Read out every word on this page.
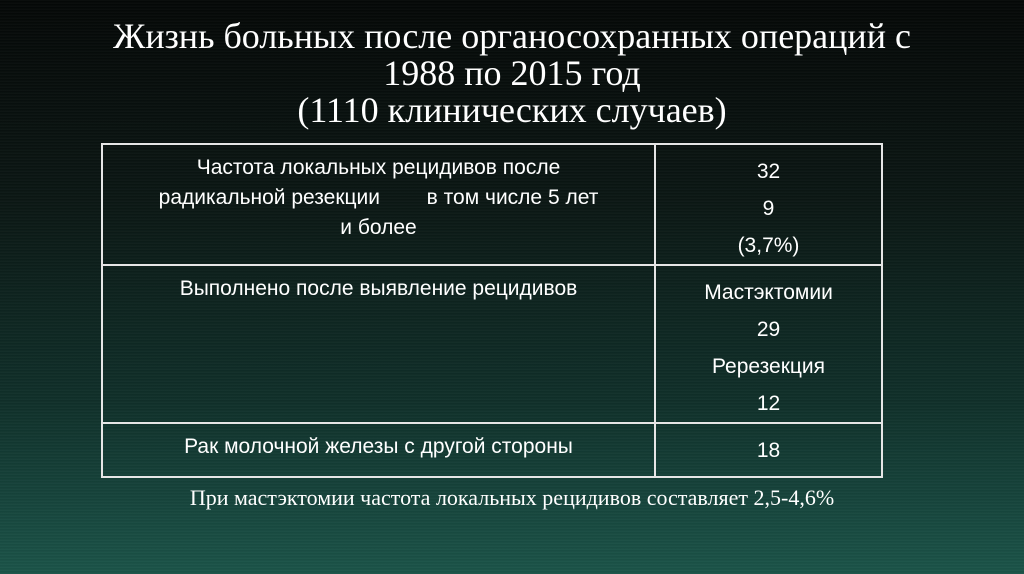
Жизнь больных после органосохранных операций с
1988 по 2015 год
(1110 клинических случаев)
Частота локальных рецидивов после
радикальной резекции        в том числе 5 лет
и более	32
9
(3,7%)

Выполнено после выявление рецидивов	Мастэктомии
29
Ререзекция
12

Рак молочной железы с другой стороны	18
При мастэктомии частота локальных рецидивов составляет 2,5-4,6%
